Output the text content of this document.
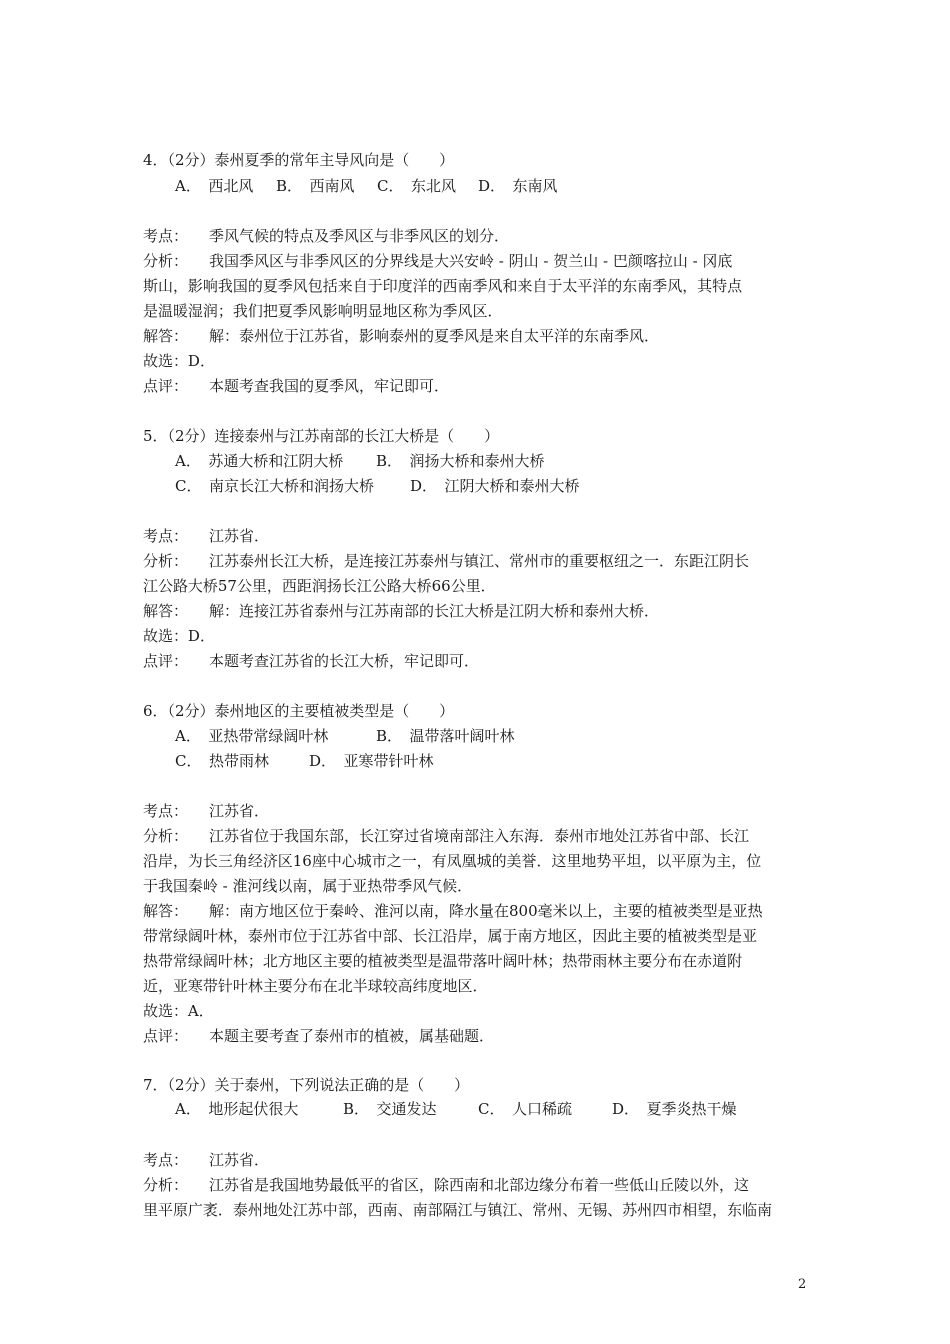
4．（2分）泰州夏季的常年主导风向是（　　）
A．　西北风 B．　西南风 C．　东北风 D．　东南风
考点： 季风气候的特点及季风区与非季风区的划分．
分析： 我国季风区与非季风区的分界线是大兴安岭 - 阴山 - 贺兰山 - 巴颜喀拉山 - 冈底
斯山，影响我国的夏季风包括来自于印度洋的西南季风和来自于太平洋的东南季风，其特点
是温暖湿润；我们把夏季风影响明显地区称为季风区．
解答： 解：泰州位于江苏省，影响泰州的夏季风是来自太平洋的东南季风．
故选：D．
点评： 本题考查我国的夏季风，牢记即可．
5．（2分）连接泰州与江苏南部的长江大桥是（　　）
A．　苏通大桥和江阴大桥 B．　润扬大桥和泰州大桥
C．　南京长江大桥和润扬大桥 D．　江阴大桥和泰州大桥
考点： 江苏省．
分析： 江苏泰州长江大桥，是连接江苏泰州与镇江、常州市的重要枢纽之一．东距江阴长
江公路大桥57公里，西距润扬长江公路大桥66公里．
解答： 解：连接江苏省泰州与江苏南部的长江大桥是江阴大桥和泰州大桥．
故选：D．
点评： 本题考查江苏省的长江大桥，牢记即可．
6．（2分）泰州地区的主要植被类型是（　　）
A．　亚热带常绿阔叶林	B．　温带落叶阔叶林
C．　热带雨林	D．　亚寒带针叶林
考点： 江苏省．
分析： 江苏省位于我国东部，长江穿过省境南部注入东海．泰州市地处江苏省中部、长江
沿岸，为长三角经济区16座中心城市之一，有凤凰城的美誉．这里地势平坦，以平原为主，位
于我国秦岭 - 淮河线以南，属于亚热带季风气候．
解答： 解：南方地区位于秦岭、淮河以南，降水量在800毫米以上，主要的植被类型是亚热
带常绿阔叶林，泰州市位于江苏省中部、长江沿岸，属于南方地区，因此主要的植被类型是亚
热带常绿阔叶林；北方地区主要的植被类型是温带落叶阔叶林；热带雨林主要分布在赤道附
近，亚寒带针叶林主要分布在北半球较高纬度地区．
故选：A．
点评： 本题主要考查了泰州市的植被，属基础题．
7．（2分）关于泰州，下列说法正确的是（　　）
A．　地形起伏很大	B．　交通发达	C．　人口稀疏	D．　夏季炎热干燥
考点： 江苏省．
分析： 江苏省是我国地势最低平的省区，除西南和北部边缘分布着一些低山丘陵以外，这
里平原广袤．泰州地处江苏中部，西南、南部隔江与镇江、常州、无锡、苏州四市相望，东临南
2
